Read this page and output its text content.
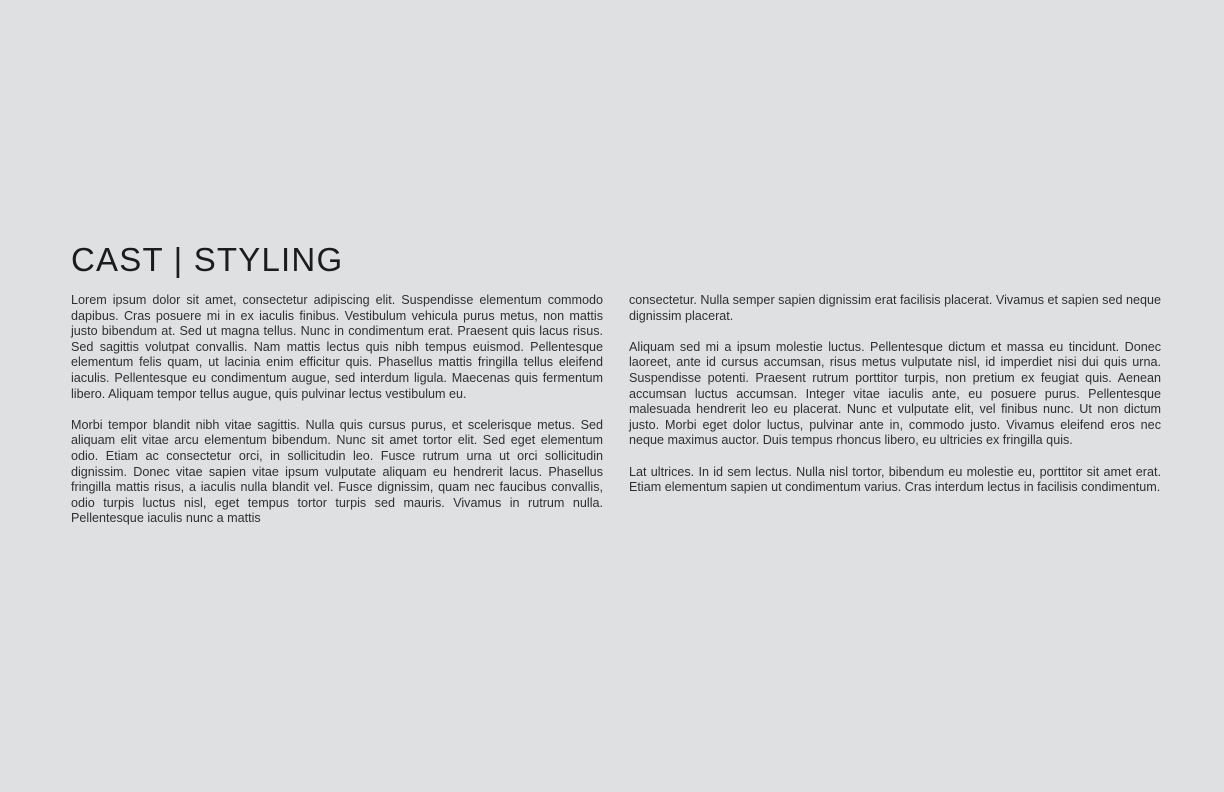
CAST | STYLING

Lorem ipsum dolor sit amet, consectetur adipiscing elit. Suspendisse elementum commodo dapibus. Cras posuere mi in ex iaculis finibus. Vestibulum vehicula purus metus, non mattis justo bibendum at. Sed ut magna tellus. Nunc in condimentum erat. Praesent quis lacus risus. Sed sagittis volutpat convallis. Nam mattis lectus quis nibh tempus euismod. Pellentesque elementum felis quam, ut lacinia enim efficitur quis. Phasellus mattis fringilla tellus eleifend iaculis. Pellentesque eu condimentum augue, sed interdum ligula. Maecenas quis fermentum libero. Aliquam tempor tellus augue, quis pulvinar lectus vestibulum eu.

Morbi tempor blandit nibh vitae sagittis. Nulla quis cursus purus, et scelerisque metus. Sed aliquam elit vitae arcu elementum bibendum. Nunc sit amet tortor elit. Sed eget elementum odio. Etiam ac consectetur orci, in sollicitudin leo. Fusce rutrum urna ut orci sollicitudin dignissim. Donec vitae sapien vitae ipsum vulputate aliquam eu hendrerit lacus. Phasellus fringilla mattis risus, a iaculis nulla blandit vel. Fusce dignissim, quam nec faucibus convallis, odio turpis luctus nisl, eget tempus tortor turpis sed mauris. Vivamus in rutrum nulla. Pellentesque iaculis nunc a mattis

consectetur. Nulla semper sapien dignissim erat facilisis placerat. Vivamus et sapien sed neque dignissim placerat.

Aliquam sed mi a ipsum molestie luctus. Pellentesque dictum et massa eu tincidunt. Donec laoreet, ante id cursus accumsan, risus metus vulputate nisl, id imperdiet nisi dui quis urna. Suspendisse potenti. Praesent rutrum porttitor turpis, non pretium ex feugiat quis. Aenean accumsan luctus accumsan. Integer vitae iaculis ante, eu posuere purus. Pellentesque malesuada hendrerit leo eu placerat. Nunc et vulputate elit, vel finibus nunc. Ut non dictum justo. Morbi eget dolor luctus, pulvinar ante in, commodo justo. Vivamus eleifend eros nec neque maximus auctor. Duis tempus rhoncus libero, eu ultricies ex fringilla quis.

Lat ultrices. In id sem lectus. Nulla nisl tortor, bibendum eu molestie eu, porttitor sit amet erat. Etiam elementum sapien ut condimentum varius. Cras interdum lectus in facilisis condimentum.
